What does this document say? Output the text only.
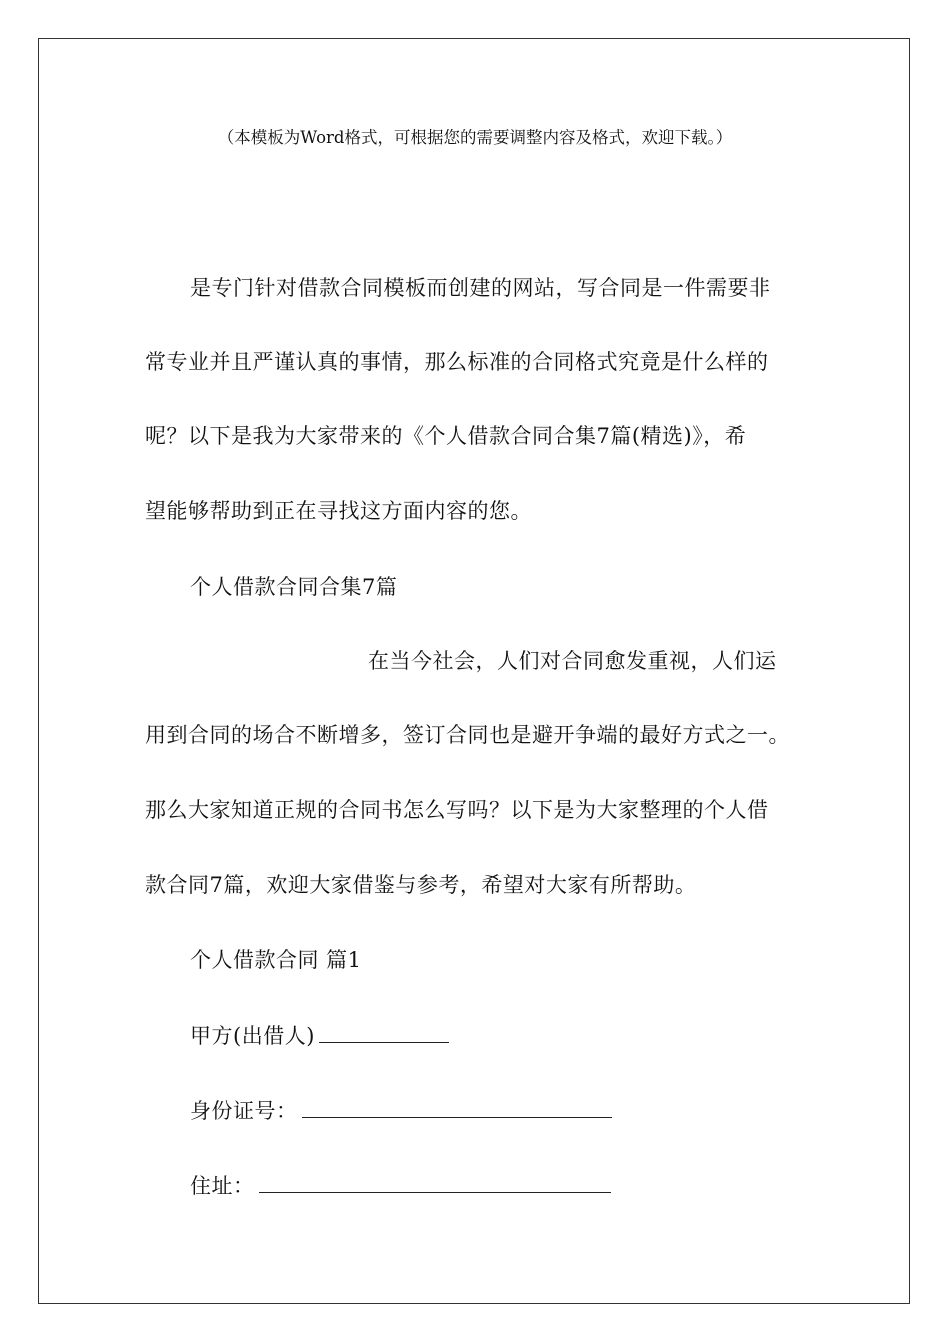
（本模板为Word格式，可根据您的需要调整内容及格式，欢迎下载。）
是专门针对借款合同模板而创建的网站，写合同是一件需要非
常专业并且严谨认真的事情，那么标准的合同格式究竟是什么样的
呢？以下是我为大家带来的《个人借款合同合集7篇(精选)》，希
望能够帮助到正在寻找这方面内容的您。
个人借款合同合集7篇
在当今社会，人们对合同愈发重视，人们运
用到合同的场合不断增多，签订合同也是避开争端的最好方式之一。
那么大家知道正规的合同书怎么写吗？以下是为大家整理的个人借
款合同7篇，欢迎大家借鉴与参考，希望对大家有所帮助。
个人借款合同 篇1
甲方(出借人)
身份证号：
住址：
